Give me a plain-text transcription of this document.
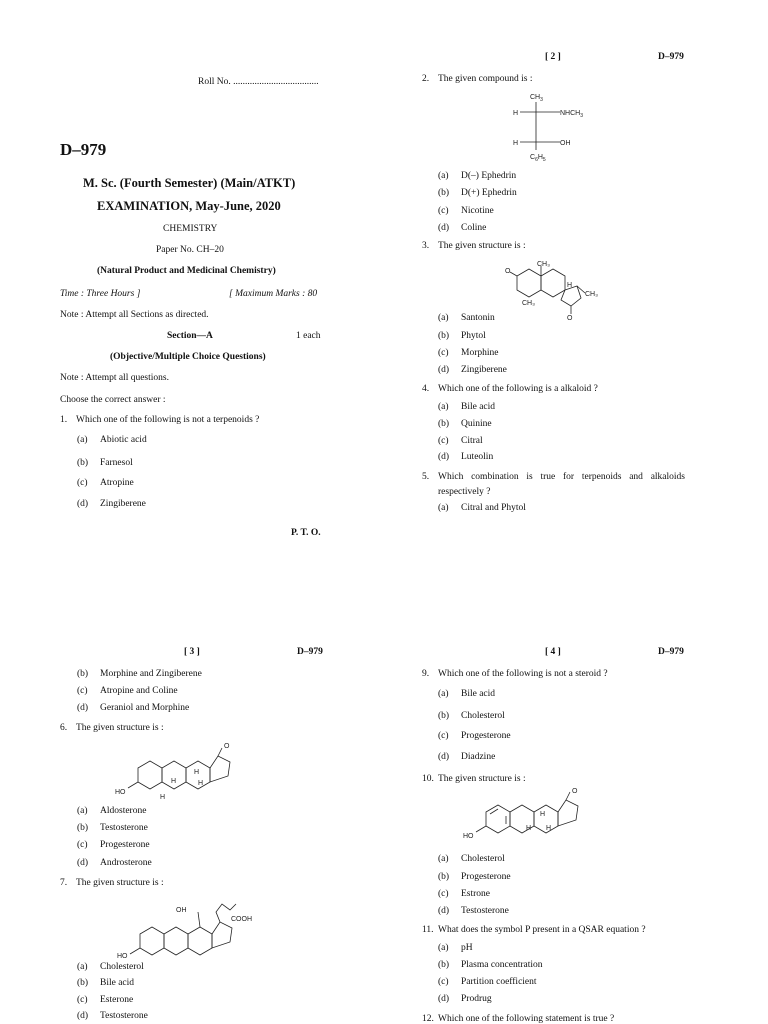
Roll No. ....................................
D–979
M. Sc. (Fourth Semester) (Main/ATKT)
EXAMINATION, May-June, 2020
CHEMISTRY
Paper No. CH–20
(Natural Product and Medicinal Chemistry)
Time : Three Hours ]	[ Maximum Marks : 80
Note : Attempt all Sections as directed.
Section—A	1 each
(Objective/Multiple Choice Questions)
Note : Attempt all questions.
Choose the correct answer :
1. Which one of the following is not a terpenoids ?
(a) Abiotic acid
(b) Farnesol
(c) Atropine
(d) Zingiberene
P. T. O.
[ 2 ]	D–979
2. The given compound is :
$CH_3$
H	$NHCH_3$
H	OH
$C_6H_5$
(a) D(–) Ephedrin
(b) D(+) Ephedrin
(c) Nicotine
(d) Coline
3. The given structure is :
CH₃
O
H
CH₃
CH₃
O
(a) Santonin
(b) Phytol
(c) Morphine
(d) Zingiberene
4. Which one of the following is a alkaloid ?
(a) Bile acid
(b) Quinine
(c) Citral
(d) Luteolin
5. Which combination is true for terpenoids and alkaloids
respectively ?
(a) Citral and Phytol
[ 3 ]	D–979
(b) Morphine and Zingiberene
(c) Atropine and Coline
(d) Geraniol and Morphine
6. The given structure is :
O
HO
H
H	H
H
(a) Aldosterone
(b) Testosterone
(c) Progesterone
(d) Androsterone
7. The given structure is :
OH
COOH
HO
(a) Cholesterol
(b) Bile acid
(c) Esterone
(d) Testosterone
[ 4 ]	D–979
9. Which one of the following is not a steroid ?
(a) Bile acid
(b) Cholesterol
(c) Progesterone
(d) Diadzine
10. The given structure is :
O
HO
H
H H
(a) Cholesterol
(b) Progesterone
(c) Estrone
(d) Testosterone
11. What does the symbol P present in a QSAR equation ?
(a) pH
(b) Plasma concentration
(c) Partition coefficient
(d) Prodrug
12. Which one of the following statement is true ?
